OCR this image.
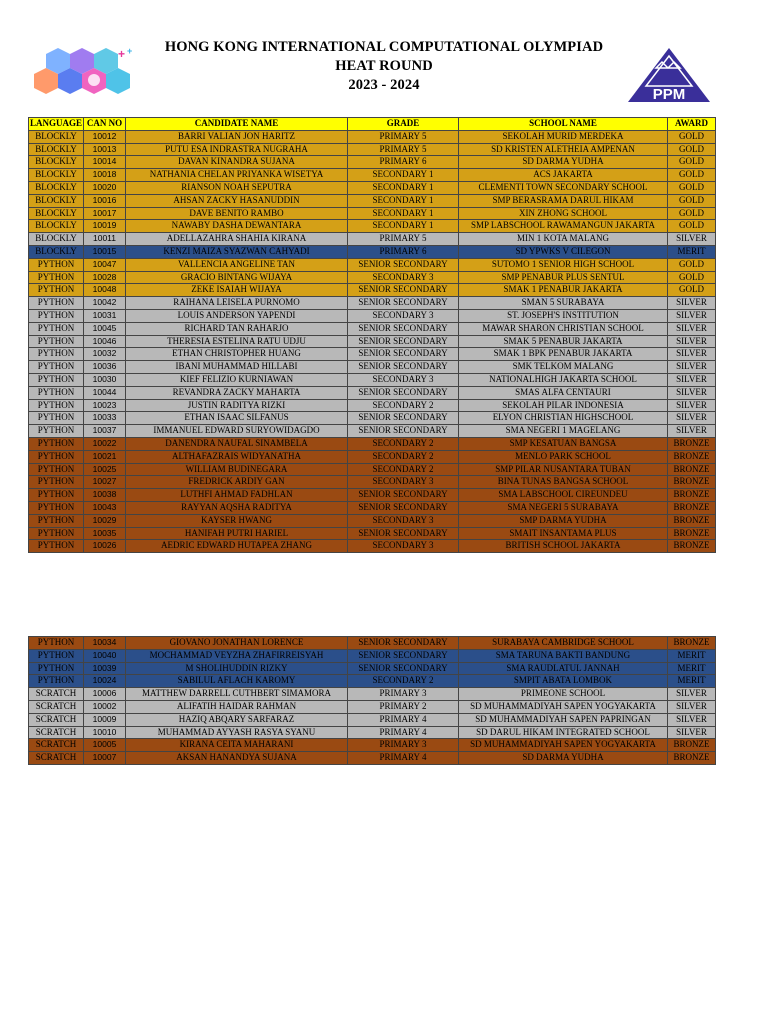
+ +	HONG KONG INTERNATIONAL COMPUTATIONAL OLYMPIAD
HEAT ROUND
2023 - 2024
PPM
LANGUAGE	CAN NO	CANDIDATE NAME	GRADE	SCHOOL NAME	AWARD
BLOCKLY	10012	BARRI VALIAN JON HARITZ	PRIMARY 5	SEKOLAH MURID MERDEKA	GOLD
BLOCKLY	10013	PUTU ESA INDRASTRA NUGRAHA	PRIMARY 5	SD KRISTEN ALETHEIA AMPENAN	GOLD
BLOCKLY	10014	DAVAN KINANDRA SUJANA	PRIMARY 6	SD DARMA YUDHA	GOLD
BLOCKLY	10018	NATHANIA CHELAN PRIYANKA WISETYA	SECONDARY 1	ACS JAKARTA	GOLD
BLOCKLY	10020	RIANSON NOAH SEPUTRA	SECONDARY 1	CLEMENTI TOWN SECONDARY SCHOOL	GOLD
BLOCKLY	10016	AHSAN ZACKY HASANUDDIN	SECONDARY 1	SMP BERASRAMA DARUL HIKAM	GOLD
BLOCKLY	10017	DAVE BENITO RAMBO	SECONDARY 1	XIN ZHONG SCHOOL	GOLD
BLOCKLY	10019	NAWABY DASHA DEWANTARA	SECONDARY 1	SMP LABSCHOOL RAWAMANGUN JAKARTA	GOLD
BLOCKLY	10011	ADELLAZAHRA SHAHIA KIRANA	PRIMARY 5	MIN 1 KOTA MALANG	SILVER
BLOCKLY	10015	KENZI MAIZA SYAZWAN CAHYADI	PRIMARY 6	SD YPWKS V CILEGON	MERIT
PYTHON	10047	VALLENCIA ANGELINE TAN	SENIOR SECONDARY	SUTOMO 1 SENIOR HIGH SCHOOL	GOLD
PYTHON	10028	GRACIO BINTANG WIJAYA	SECONDARY 3	SMP PENABUR PLUS SENTUL	GOLD
PYTHON	10048	ZEKE ISAIAH WIJAYA	SENIOR SECONDARY	SMAK 1 PENABUR JAKARTA	GOLD
PYTHON	10042	RAIHANA LEISELA PURNOMO	SENIOR SECONDARY	SMAN 5 SURABAYA	SILVER
PYTHON	10031	LOUIS ANDERSON YAPENDI	SECONDARY 3	ST. JOSEPH'S INSTITUTION	SILVER
PYTHON	10045	RICHARD TAN RAHARJO	SENIOR SECONDARY	MAWAR SHARON CHRISTIAN SCHOOL	SILVER
PYTHON	10046	THERESIA ESTELINA RATU UDJU	SENIOR SECONDARY	SMAK 5 PENABUR JAKARTA	SILVER
PYTHON	10032	ETHAN CHRISTOPHER HUANG	SENIOR SECONDARY	SMAK 1 BPK PENABUR JAKARTA	SILVER
PYTHON	10036	IBANI MUHAMMAD HILLABI	SENIOR SECONDARY	SMK TELKOM MALANG	SILVER
PYTHON	10030	KIEF FELIZIO KURNIAWAN	SECONDARY 3	NATIONALHIGH JAKARTA SCHOOL	SILVER
PYTHON	10044	REVANDRA ZACKY MAHARTA	SENIOR SECONDARY	SMAS ALFA CENTAURI	SILVER
PYTHON	10023	JUSTIN RADITYA RIZKI	SECONDARY 2	SEKOLAH PILAR INDONESIA	SILVER
PYTHON	10033	ETHAN ISAAC SILFANUS	SENIOR SECONDARY	ELYON CHRISTIAN HIGHSCHOOL	SILVER
PYTHON	10037	IMMANUEL EDWARD SURYOWIDAGDO	SENIOR SECONDARY	SMA NEGERI 1 MAGELANG	SILVER
PYTHON	10022	DANENDRA NAUFAL SINAMBELA	SECONDARY 2	SMP KESATUAN BANGSA	BRONZE
PYTHON	10021	ALTHAFAZRAIS WIDYANATHA	SECONDARY 2	MENLO PARK SCHOOL	BRONZE
PYTHON	10025	WILLIAM BUDINEGARA	SECONDARY 2	SMP PILAR NUSANTARA TUBAN	BRONZE
PYTHON	10027	FREDRICK ARDIY GAN	SECONDARY 3	BINA TUNAS BANGSA SCHOOL	BRONZE
PYTHON	10038	LUTHFI AHMAD FADHLAN	SENIOR SECONDARY	SMA LABSCHOOL CIREUNDEU	BRONZE
PYTHON	10043	RAYYAN AQSHA RADITYA	SENIOR SECONDARY	SMA NEGERI 5 SURABAYA	BRONZE
PYTHON	10029	KAYSER HWANG	SECONDARY 3	SMP DARMA YUDHA	BRONZE
PYTHON	10035	HANIFAH PUTRI HARIEL	SENIOR SECONDARY	SMAIT INSANTAMA PLUS	BRONZE
PYTHON	10026	AEDRIC EDWARD HUTAPEA ZHANG	SECONDARY 3	BRITISH SCHOOL JAKARTA	BRONZE
PYTHON	10034	GIOVANO JONATHAN LORENCE	SENIOR SECONDARY	SURABAYA CAMBRIDGE SCHOOL	BRONZE
PYTHON	10040	MOCHAMMAD VEYZHA ZHAFIRREISYAH	SENIOR SECONDARY	SMA TARUNA BAKTI BANDUNG	MERIT
PYTHON	10039	M SHOLIHUDDIN RIZKY	SENIOR SECONDARY	SMA RAUDLATUL JANNAH	MERIT
PYTHON	10024	SABILUL AFLACH KAROMY	SECONDARY 2	SMPIT ABATA LOMBOK	MERIT
SCRATCH	10006	MATTHEW DARRELL CUTHBERT SIMAMORA	PRIMARY 3	PRIMEONE SCHOOL	SILVER
SCRATCH	10002	ALIFATIH HAIDAR RAHMAN	PRIMARY 2	SD MUHAMMADIYAH SAPEN YOGYAKARTA	SILVER
SCRATCH	10009	HAZIQ ABQARY SARFARAZ	PRIMARY 4	SD MUHAMMADIYAH SAPEN PAPRINGAN	SILVER
SCRATCH	10010	MUHAMMAD AYYASH RASYA SYANU	PRIMARY 4	SD DARUL HIKAM INTEGRATED SCHOOL	SILVER
SCRATCH	10005	KIRANA CEITA MAHARANI	PRIMARY 3	SD MUHAMMADIYAH SAPEN YOGYAKARTA	BRONZE
SCRATCH	10007	AKSAN HANANDYA SUJANA	PRIMARY 4	SD DARMA YUDHA	BRONZE
